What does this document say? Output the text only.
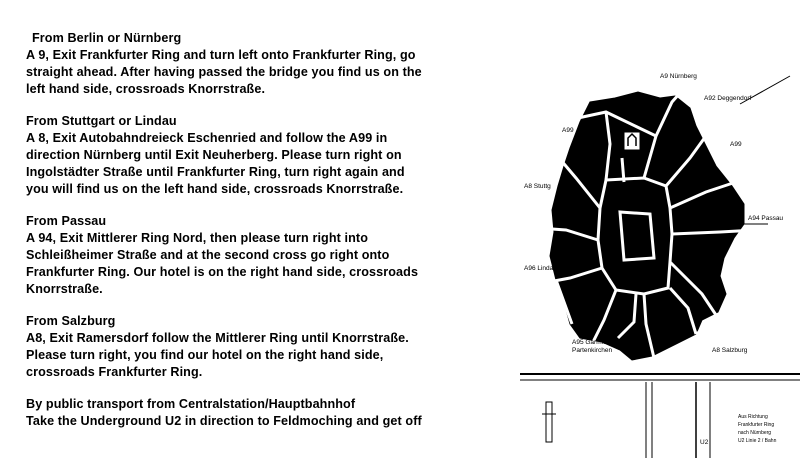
From Berlin or Nürnberg

A 9, Exit Frankfurter Ring and turn left onto Frankfurter Ring, go
straight ahead. After having passed the bridge you find us on the
left hand side, crossroads Knorrstraße.

From Stuttgart or Lindau

A 8, Exit Autobahndreieck Eschenried and follow the A99 in
direction Nürnberg until Exit Neuherberg. Please turn right on
Ingolstädter Straße until Frankfurter Ring, turn right again and
you will find us on the left hand side, crossroads Knorrstraße.

From Passau

A 94, Exit Mittlerer Ring Nord, then please turn right into
Schleißheimer Straße and at the second cross go right onto
Frankfurter Ring. Our hotel is on the right hand side, crossroads
Knorrstraße.

From Salzburg

A8, Exit Ramersdorf follow the Mittlerer Ring until Knorrstraße.
Please turn right, you find our hotel on the right hand side,
crossroads Frankfurter Ring.

By public transport from Centralstation/Hauptbahnhof

Take the Underground U2 in direction to Feldmoching and get off

A9 Nürnberg
A92 Deggendorf
A99
A99
A8 Stuttg
A94 Passau
A96 Lindau
A95 Garmisch-
Partenkirchen	A8 Salzburg
U2
Aus Richtung
Frankfurter Ring
nach Nürnberg
U2 Linie 2 / Bahn
